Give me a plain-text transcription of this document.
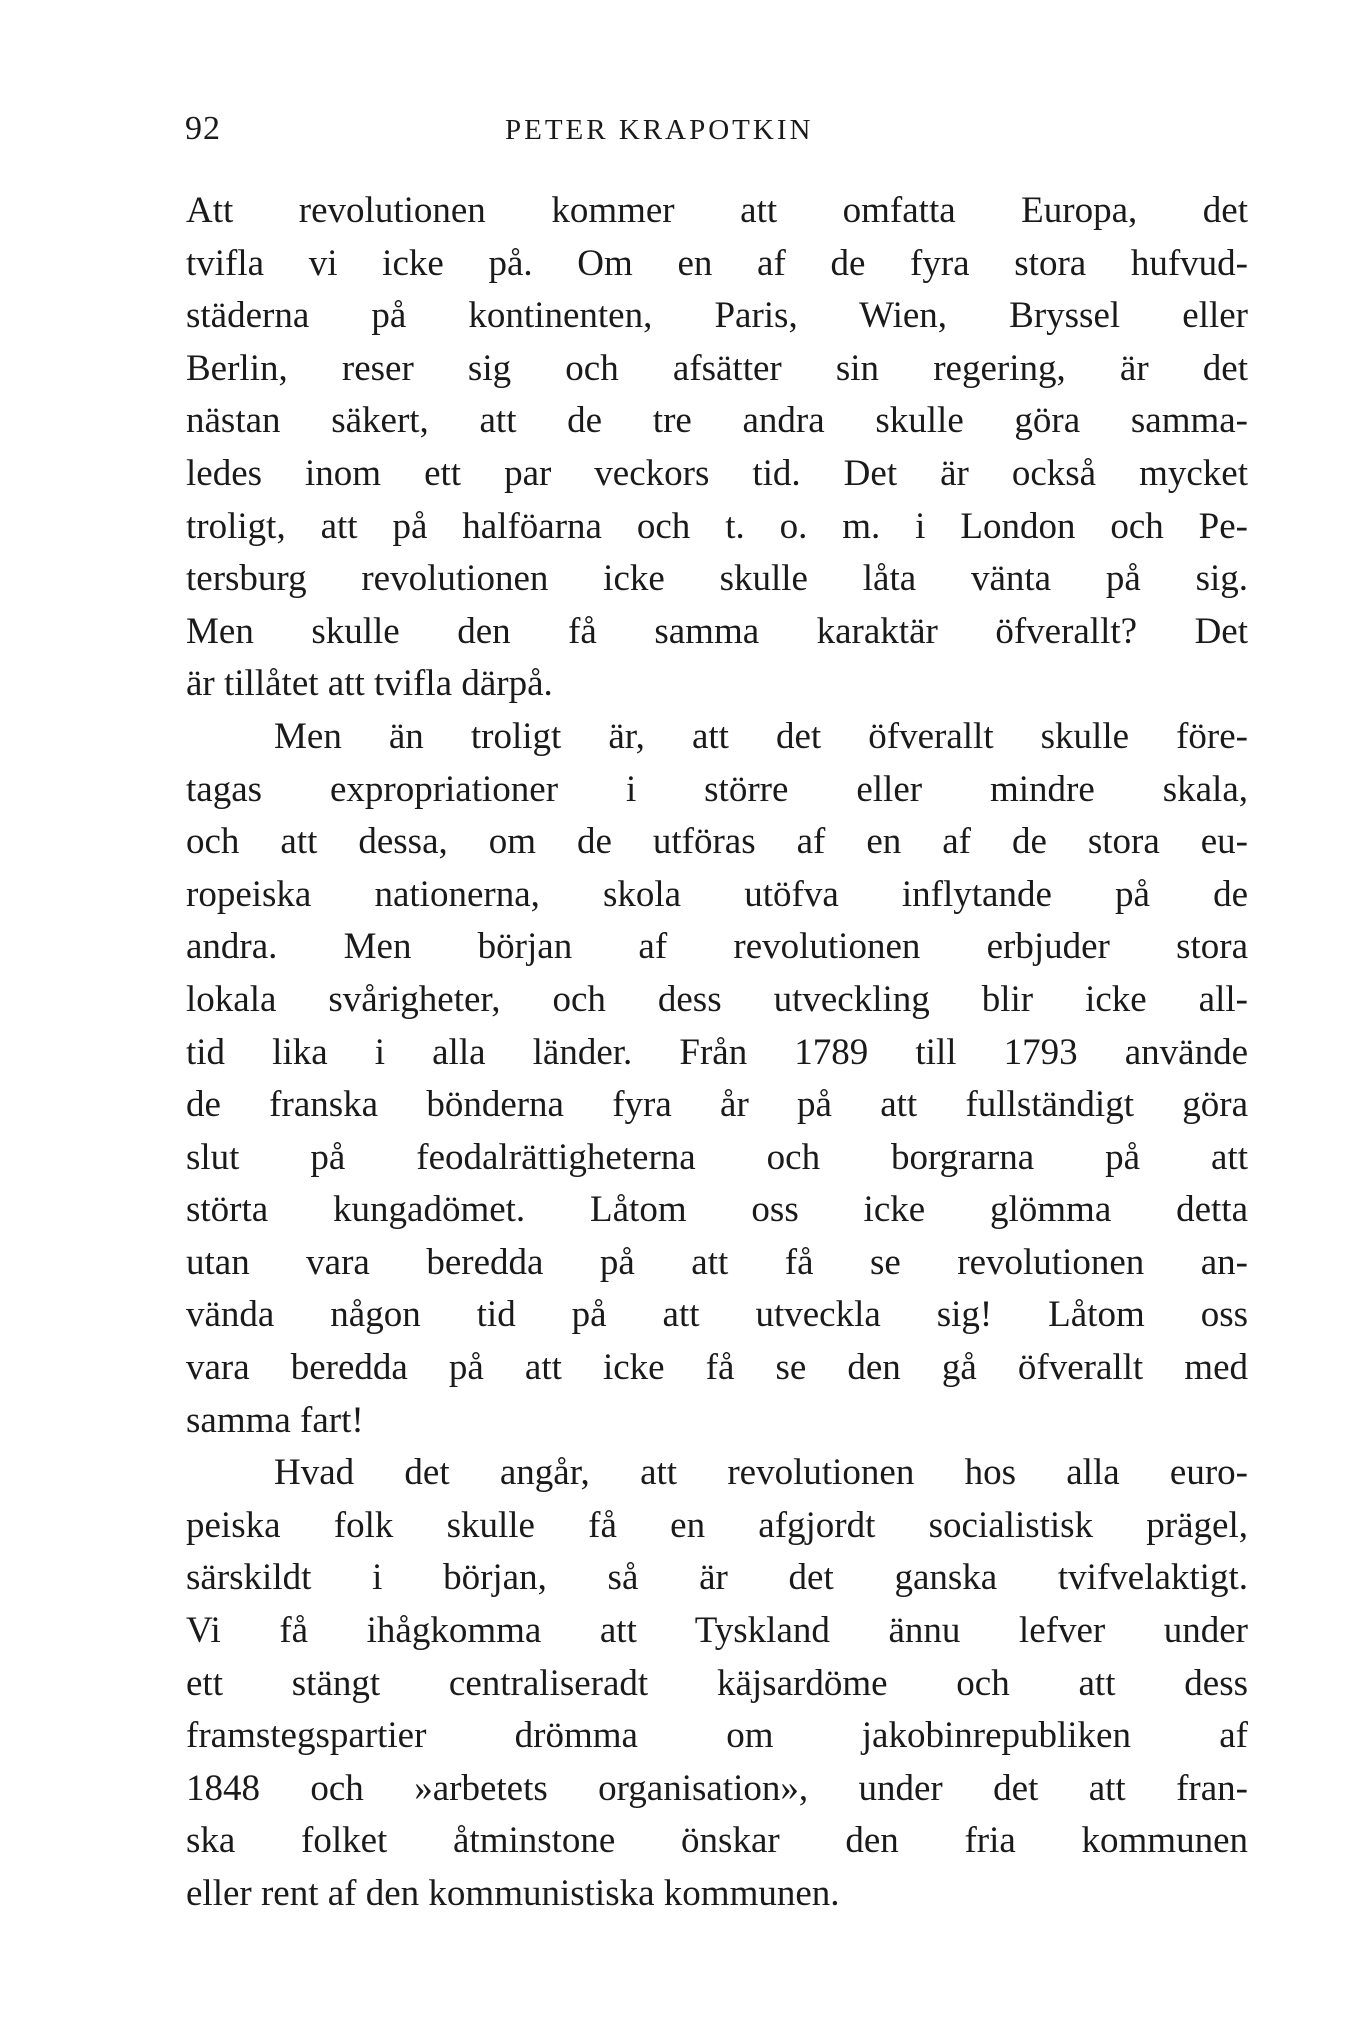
92	PETER KRAPOTKIN
Att revolutionen kommer att omfatta Europa, det
tvifla vi icke på. Om en af de fyra stora hufvud-
städerna på kontinenten, Paris, Wien, Bryssel eller
Berlin, reser sig och afsätter sin regering, är det
nästan säkert, att de tre andra skulle göra samma-
ledes inom ett par veckors tid. Det är också mycket
troligt, att på halföarna och t. o. m. i London och Pe-
tersburg revolutionen icke skulle låta vänta på sig.
Men skulle den få samma karaktär öfverallt? Det
är tillåtet att tvifla därpå.
Men än troligt är, att det öfverallt skulle före-
tagas expropriationer i större eller mindre skala,
och att dessa, om de utföras af en af de stora eu-
ropeiska nationerna, skola utöfva inflytande på de
andra. Men början af revolutionen erbjuder stora
lokala svårigheter, och dess utveckling blir icke all-
tid lika i alla länder. Från 1789 till 1793 använde
de franska bönderna fyra år på att fullständigt göra
slut på feodalrättigheterna och borgrarna på att
störta kungadömet. Låtom oss icke glömma detta
utan vara beredda på att få se revolutionen an-
vända någon tid på att utveckla sig! Låtom oss
vara beredda på att icke få se den gå öfverallt med
samma fart!
Hvad det angår, att revolutionen hos alla euro-
peiska folk skulle få en afgjordt socialistisk prägel,
särskildt i början, så är det ganska tvifvelaktigt.
Vi få ihågkomma att Tyskland ännu lefver under
ett stängt centraliseradt käjsardöme och att dess
framstegspartier drömma om jakobinrepubliken af
1848 och »arbetets organisation», under det att fran-
ska folket åtminstone önskar den fria kommunen
eller rent af den kommunistiska kommunen.
